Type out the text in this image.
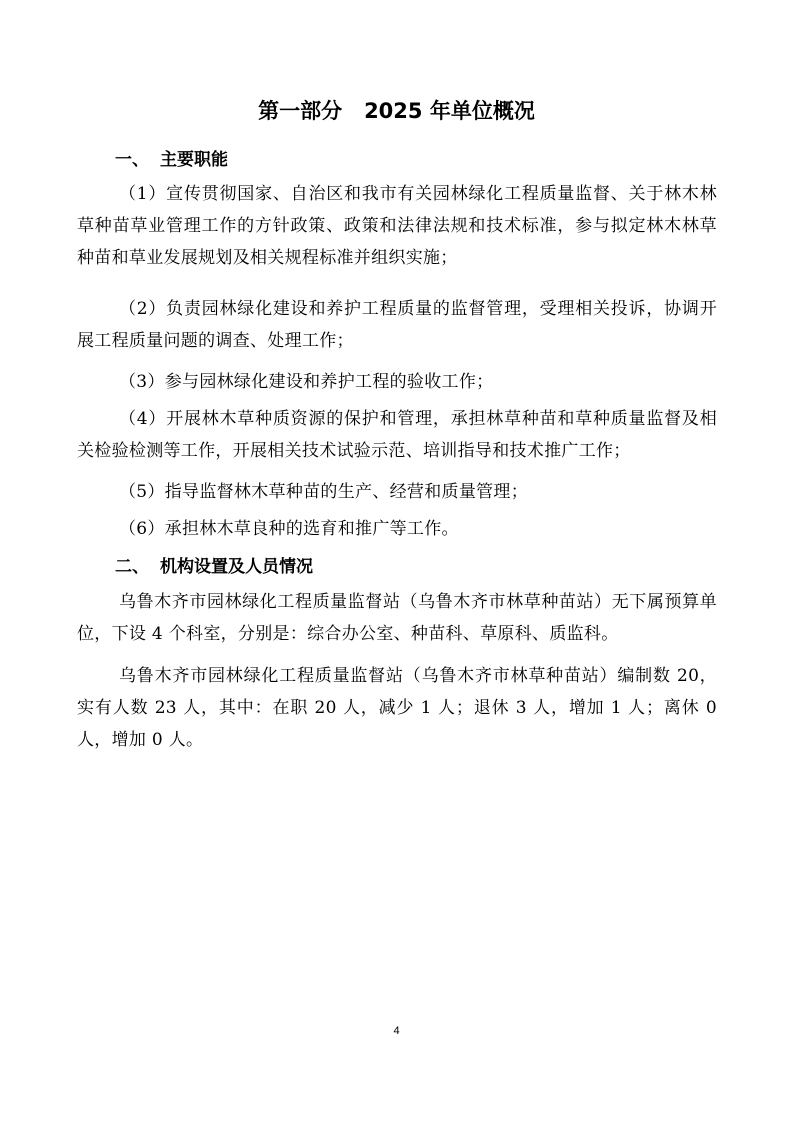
第一部分   2025 年单位概况
一、 主要职能

（1）宣传贯彻国家、自治区和我市有关园林绿化工程质量监督、关于林木林草种苗草业管理工作的方针政策、政策和法律法规和技术标准，参与拟定林木林草种苗和草业发展规划及相关规程标准并组织实施；

（2）负责园林绿化建设和养护工程质量的监督管理，受理相关投诉，协调开展工程质量问题的调查、处理工作；

（3）参与园林绿化建设和养护工程的验收工作；

（4）开展林木草种质资源的保护和管理，承担林草种苗和草种质量监督及相关检验检测等工作，开展相关技术试验示范、培训指导和技术推广工作；

（5）指导监督林木草种苗的生产、经营和质量管理；

（6）承担林木草良种的选育和推广等工作。

二、 机构设置及人员情况

乌鲁木齐市园林绿化工程质量监督站（乌鲁木齐市林草种苗站）无下属预算单位，下设 4 个科室，分别是：综合办公室、种苗科、草原科、质监科。

乌鲁木齐市园林绿化工程质量监督站（乌鲁木齐市林草种苗站）编制数 20，实有人数 23 人，其中：在职 20 人，减少 1 人；退休 3 人，增加 1 人；离休 0 人，增加 0 人。

4
